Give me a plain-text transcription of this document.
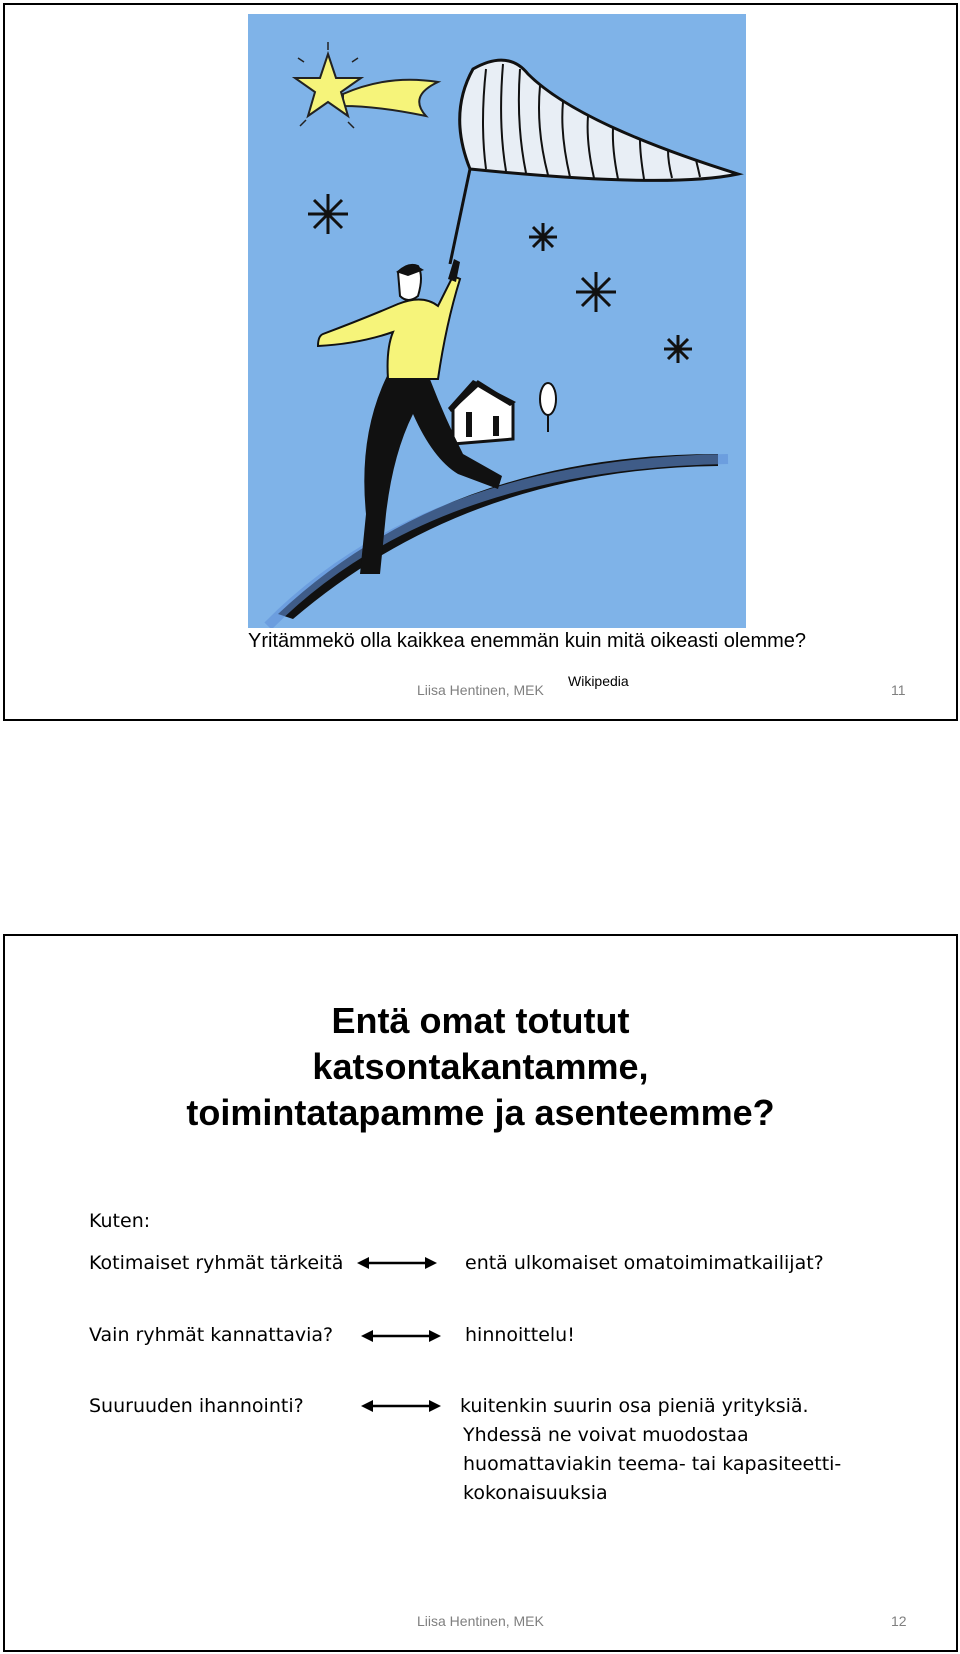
Yritämmekö olla kaikkea enemmän kuin mitä oikeasti olemme?
Wikipedia
Liisa Hentinen, MEK	11
Entä omat totutut
katsontakantamme,
toimintatapamme ja asenteemme?
Kuten:
Kotimaiset ryhmät tärkeitä	entä ulkomaiset omatoimimatkailijat?
Vain ryhmät kannattavia?	hinnoittelu!
Suuruuden ihannointi?	kuitenkin suurin osa pieniä yrityksiä.
Yhdessä ne voivat muodostaa
huomattaviakin teema- tai kapasiteetti-
kokonaisuuksia
Liisa Hentinen, MEK	12
